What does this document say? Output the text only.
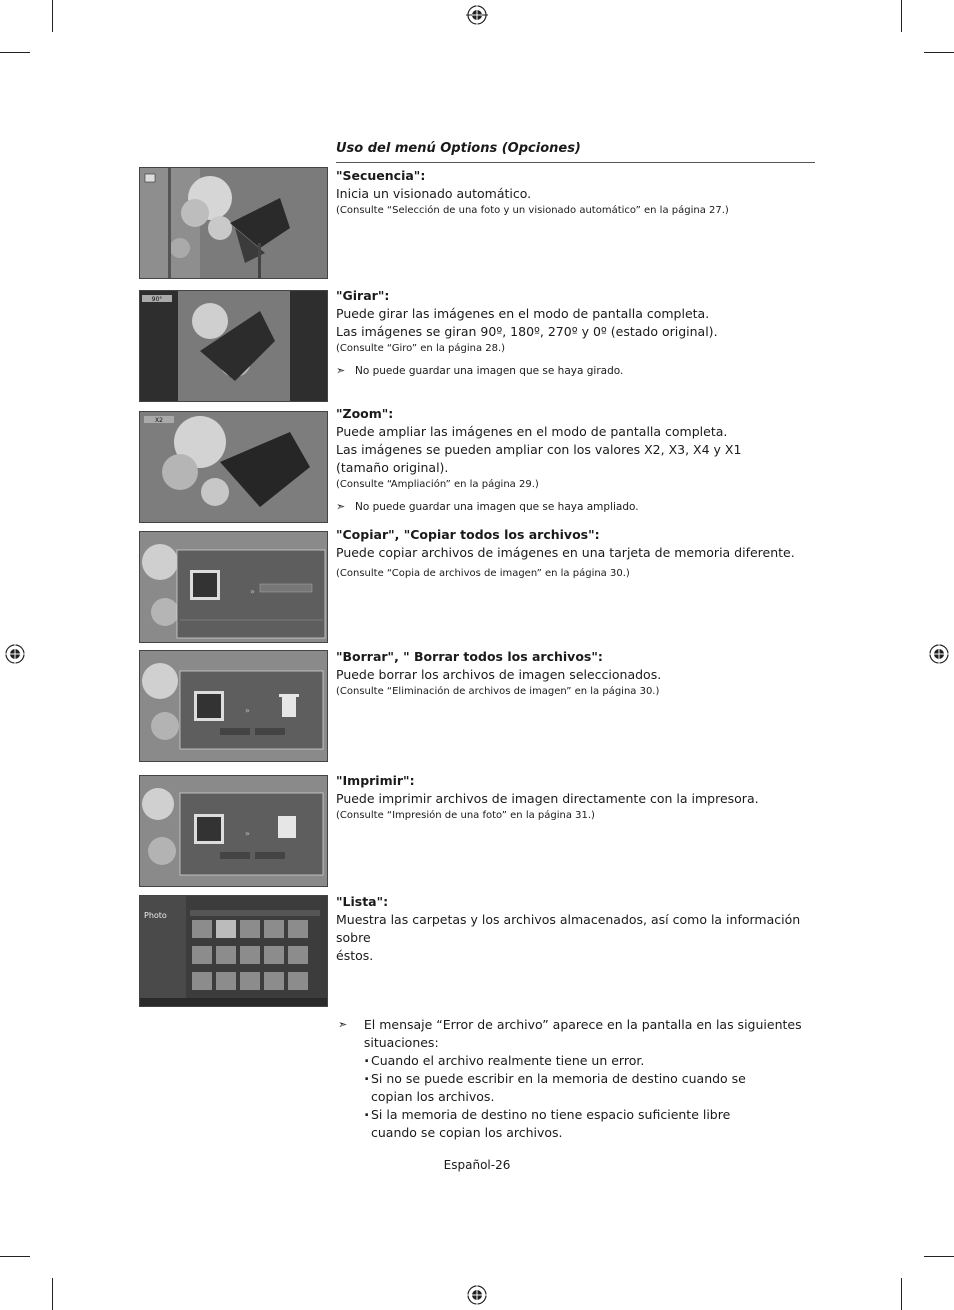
Uso del menú Options (Opciones)
90°
X2
»
»
»
Photo
"Secuencia":
Inicia un visionado automático.
(Consulte “Selección de una foto y un visionado automático” en la página 27.)
"Girar":
Puede girar las imágenes en el modo de pantalla completa.
Las imágenes se giran 90º, 180º, 270º y 0º (estado original).
(Consulte “Giro” en la página 28.)
➣ No puede guardar una imagen que se haya girado.
"Zoom":
Puede ampliar las imágenes en el modo de pantalla completa.
Las imágenes se pueden ampliar con los valores X2, X3, X4 y X1
(tamaño original).
(Consulte “Ampliación” en la página 29.)
➣ No puede guardar una imagen que se haya ampliado.
"Copiar", "Copiar todos los archivos":
Puede copiar archivos de imágenes en una tarjeta de memoria diferente.
(Consulte “Copia de archivos de imagen” en la página 30.)
"Borrar", " Borrar todos los archivos":
Puede borrar los archivos de imagen seleccionados.
(Consulte “Eliminación de archivos de imagen” en la página 30.)
"Imprimir":
Puede imprimir archivos de imagen directamente con la impresora.
(Consulte “Impresión de una foto” en la página 31.)
"Lista":
Muestra las carpetas y los archivos almacenados, así como la información sobre
éstos.
➣	El mensaje “Error de archivo” aparece en la pantalla en las siguientes situaciones:
. Cuando el archivo realmente tiene un error.
. Si no se puede escribir en la memoria de destino cuando se copian los archivos.
. Si la memoria de destino no tiene espacio suficiente libre cuando se copian los archivos.
Español-26
